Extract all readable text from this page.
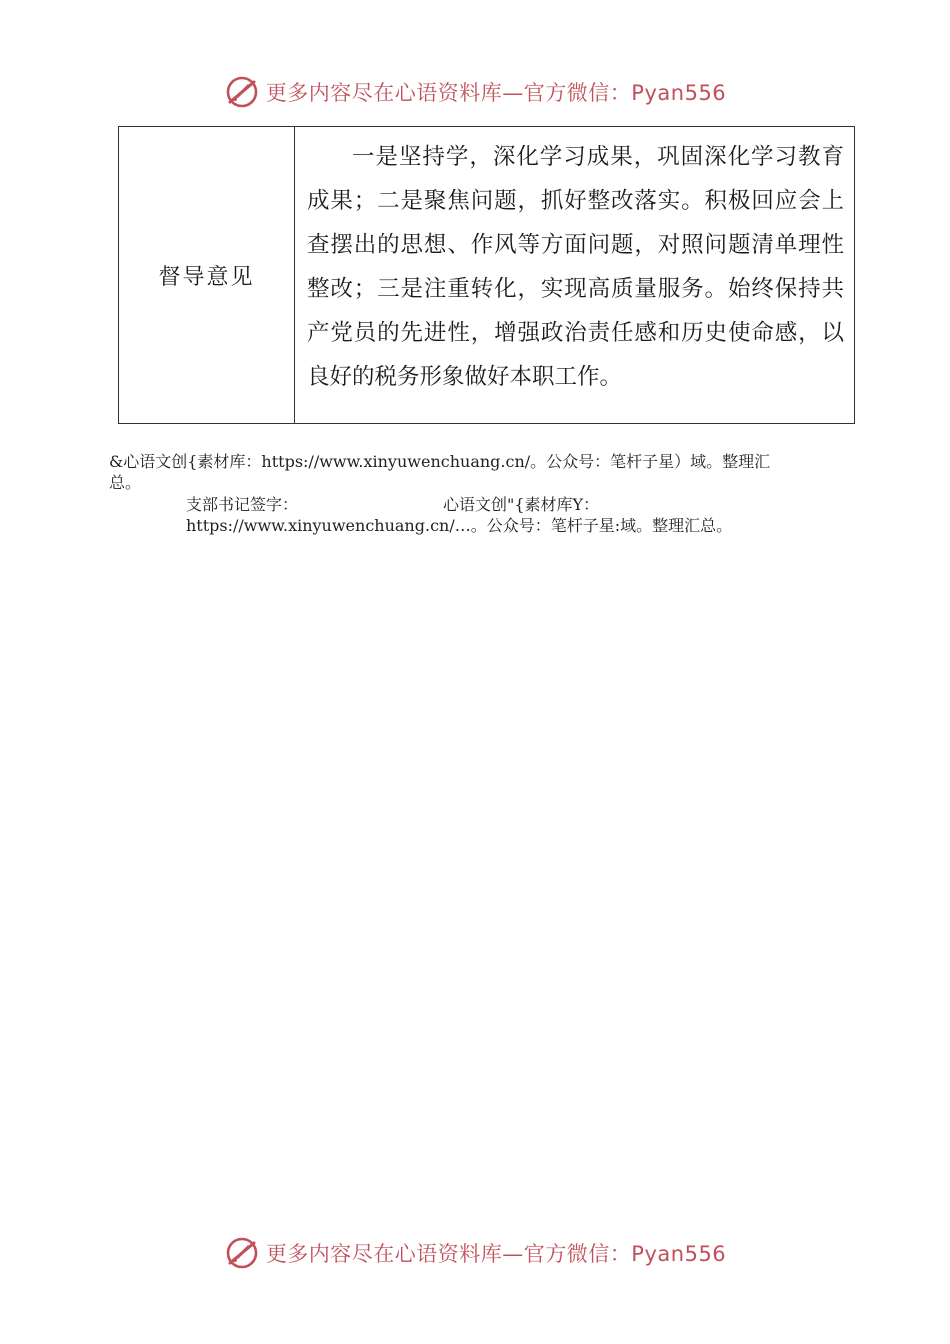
更多内容尽在心语资料库—官方微信：Pyan556
督导意见
一是坚持学，深化学习成果，巩固深化学习教育成果；二是聚焦问题，抓好整改落实。积极回应会上查摆出的思想、作风等方面问题，对照问题清单理性整改；三是注重转化，实现高质量服务。始终保持共产党员的先进性，增强政治责任感和历史使命感，以良好的税务形象做好本职工作。
&心语文创{素材库：https://www.xinyuwenchuang.cn/。公众号：笔杆子星）域。整理汇
总。
支部书记签字：	心语文创"{素材库Y：
https://www.xinyuwenchuang.cn/…。公众号：笔杆子星:域。整理汇总。
更多内容尽在心语资料库—官方微信：Pyan556
